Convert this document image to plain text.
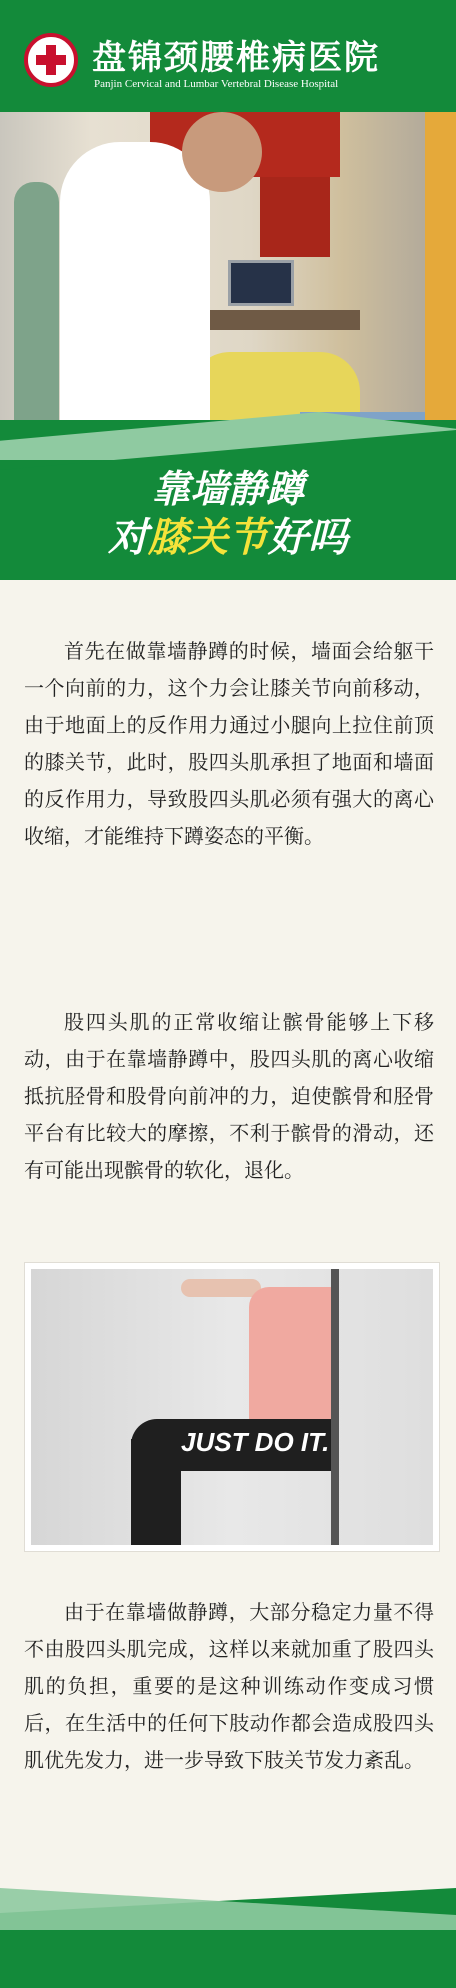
盘锦颈腰椎病医院
Panjin Cervical and Lumbar Vertebral Disease Hospital
靠墙静蹲
对膝关节好吗

首先在做靠墙静蹲的时候，墙面会给躯干一个向前的力，这个力会让膝关节向前移动，由于地面上的反作用力通过小腿向上拉住前顶的膝关节，此时，股四头肌承担了地面和墙面的反作用力，导致股四头肌必须有强大的离心收缩，才能维持下蹲姿态的平衡。

股四头肌的正常收缩让髌骨能够上下移动，由于在靠墙静蹲中，股四头肌的离心收缩抵抗胫骨和股骨向前冲的力，迫使髌骨和胫骨平台有比较大的摩擦，不利于髌骨的滑动，还有可能出现髌骨的软化，退化。

JUST DO IT.

由于在靠墙做静蹲，大部分稳定力量不得不由股四头肌完成，这样以来就加重了股四头肌的负担，重要的是这种训练动作变成习惯后，在生活中的任何下肢动作都会造成股四头肌优先发力，进一步导致下肢关节发力紊乱。
